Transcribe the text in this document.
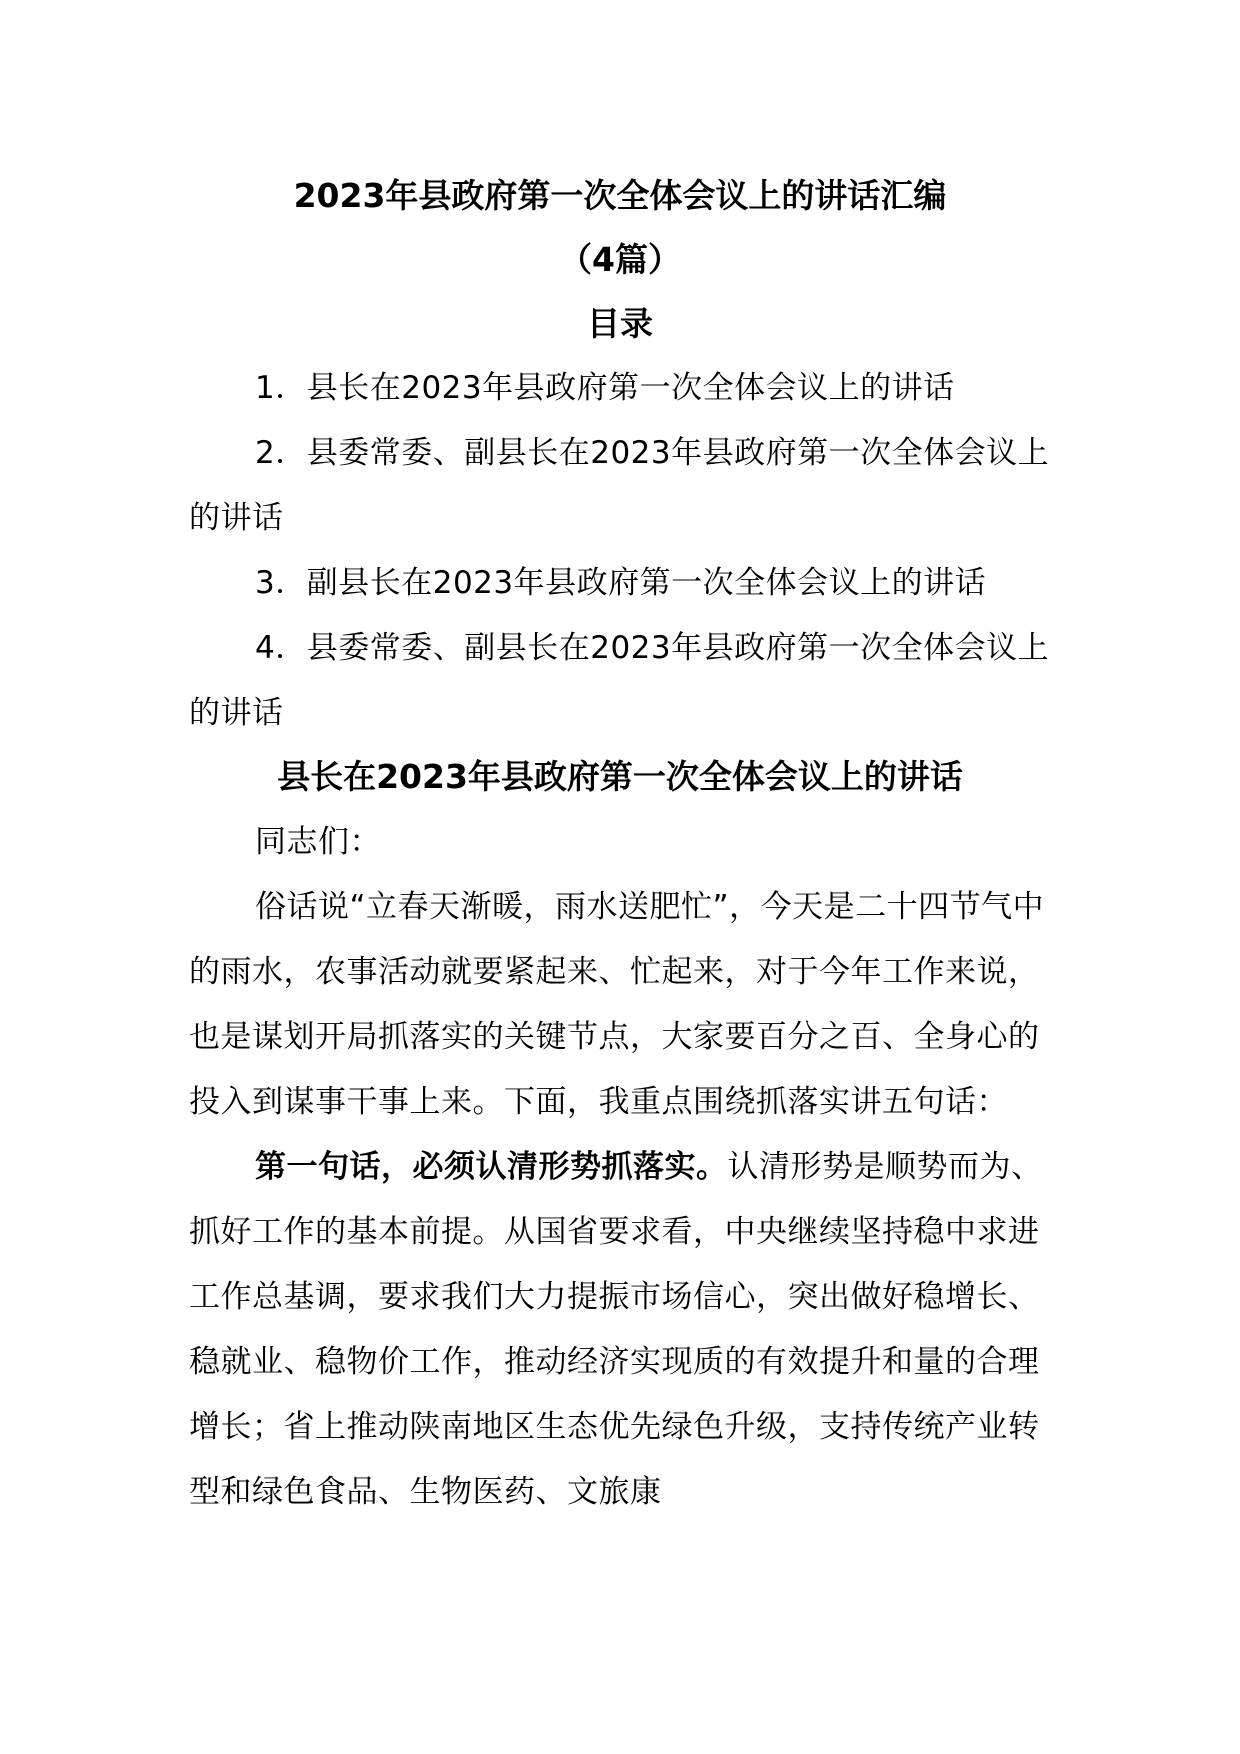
2023年县政府第一次全体会议上的讲话汇编
（4篇）
目录
1．县长在2023年县政府第一次全体会议上的讲话
2．县委常委、副县长在2023年县政府第一次全体会议上的讲话
3．副县长在2023年县政府第一次全体会议上的讲话
4．县委常委、副县长在2023年县政府第一次全体会议上的讲话
县长在2023年县政府第一次全体会议上的讲话

同志们：

俗话说“立春天渐暖，雨水送肥忙”，今天是二十四节气中的雨水，农事活动就要紧起来、忙起来，对于今年工作来说，也是谋划开局抓落实的关键节点，大家要百分之百、全身心的投入到谋事干事上来。下面，我重点围绕抓落实讲五句话：

第一句话，必须认清形势抓落实。认清形势是顺势而为、抓好工作的基本前提。从国省要求看，中央继续坚持稳中求进工作总基调，要求我们大力提振市场信心，突出做好稳增长、稳就业、稳物价工作，推动经济实现质的有效提升和量的合理增长；省上推动陕南地区生态优先绿色升级，支持传统产业转型和绿色食品、生物医药、文旅康
